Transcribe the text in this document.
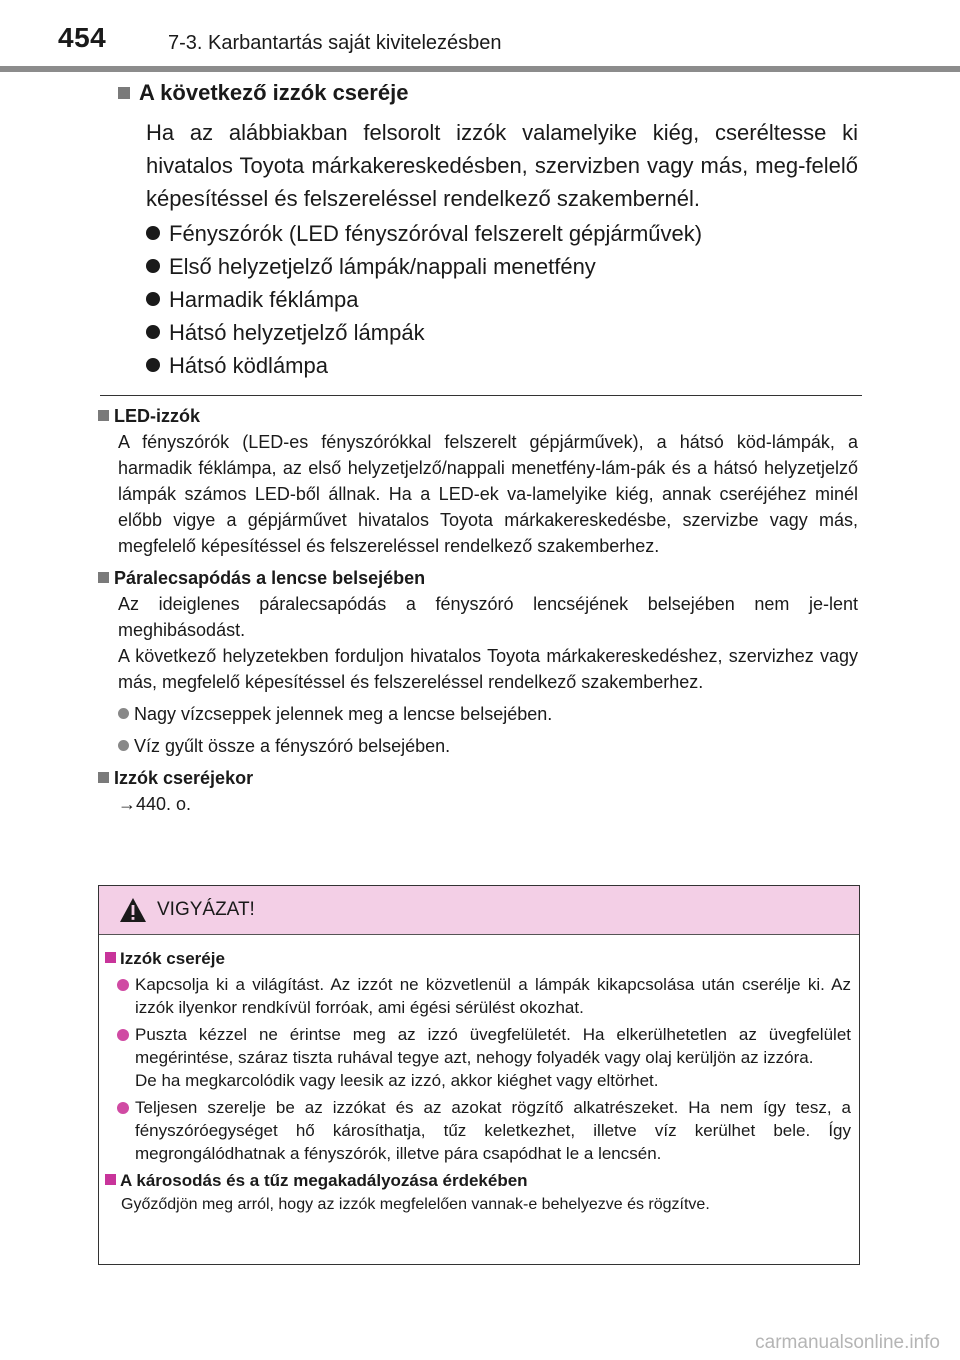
454	7-3. Karbantartás saját kivitelezésben
A következő izzók cseréje
Ha az alábbiakban felsorolt izzók valamelyike kiég, cseréltesse ki hivatalos Toyota márkakereskedésben, szervizben vagy más, meg-felelő képesítéssel és felszereléssel rendelkező szakembernél.
Fényszórók (LED fényszóróval felszerelt gépjárművek)
Első helyzetjelző lámpák/nappali menetfény
Harmadik féklámpa
Hátsó helyzetjelző lámpák
Hátsó ködlámpa
LED-izzók
A fényszórók (LED-es fényszórókkal felszerelt gépjárművek), a hátsó köd-lámpák, a harmadik féklámpa, az első helyzetjelző/nappali menetfény-lám-pák és a hátsó helyzetjelző lámpák számos LED-ből állnak. Ha a LED-ek va-lamelyike kiég, annak cseréjéhez minél előbb vigye a gépjárművet hivatalos Toyota márkakereskedésbe, szervizbe vagy más, megfelelő képesítéssel és felszereléssel rendelkező szakemberhez.
Páralecsapódás a lencse belsejében
Az ideiglenes páralecsapódás a fényszóró lencséjének belsejében nem je-lent meghibásodást.
A következő helyzetekben forduljon hivatalos Toyota márkakereskedéshez, szervizhez vagy más, megfelelő képesítéssel és felszereléssel rendelkező szakemberhez.
Nagy vízcseppek jelennek meg a lencse belsejében.
Víz gyűlt össze a fényszóró belsejében.
Izzók cseréjekor
→440. o.
VIGYÁZAT!
Izzók cseréje
Kapcsolja ki a világítást. Az izzót ne közvetlenül a lámpák kikapcsolása után cserélje ki. Az izzók ilyenkor rendkívül forróak, ami égési sérülést okozhat.
Puszta kézzel ne érintse meg az izzó üvegfelületét. Ha elkerülhetetlen az üvegfelület megérintése, száraz tiszta ruhával tegye azt, nehogy folyadék vagy olaj kerüljön az izzóra.
De ha megkarcolódik vagy leesik az izzó, akkor kiéghet vagy eltörhet.
Teljesen szerelje be az izzókat és az azokat rögzítő alkatrészeket. Ha nem így tesz, a fényszóróegységet hő károsíthatja, tűz keletkezhet, illetve víz kerülhet bele. Így megrongálódhatnak a fényszórók, illetve pára csapódhat le a lencsén.
A károsodás és a tűz megakadályozása érdekében
Győződjön meg arról, hogy az izzók megfelelően vannak-e behelyezve és rögzítve.
carmanualsonline.info
